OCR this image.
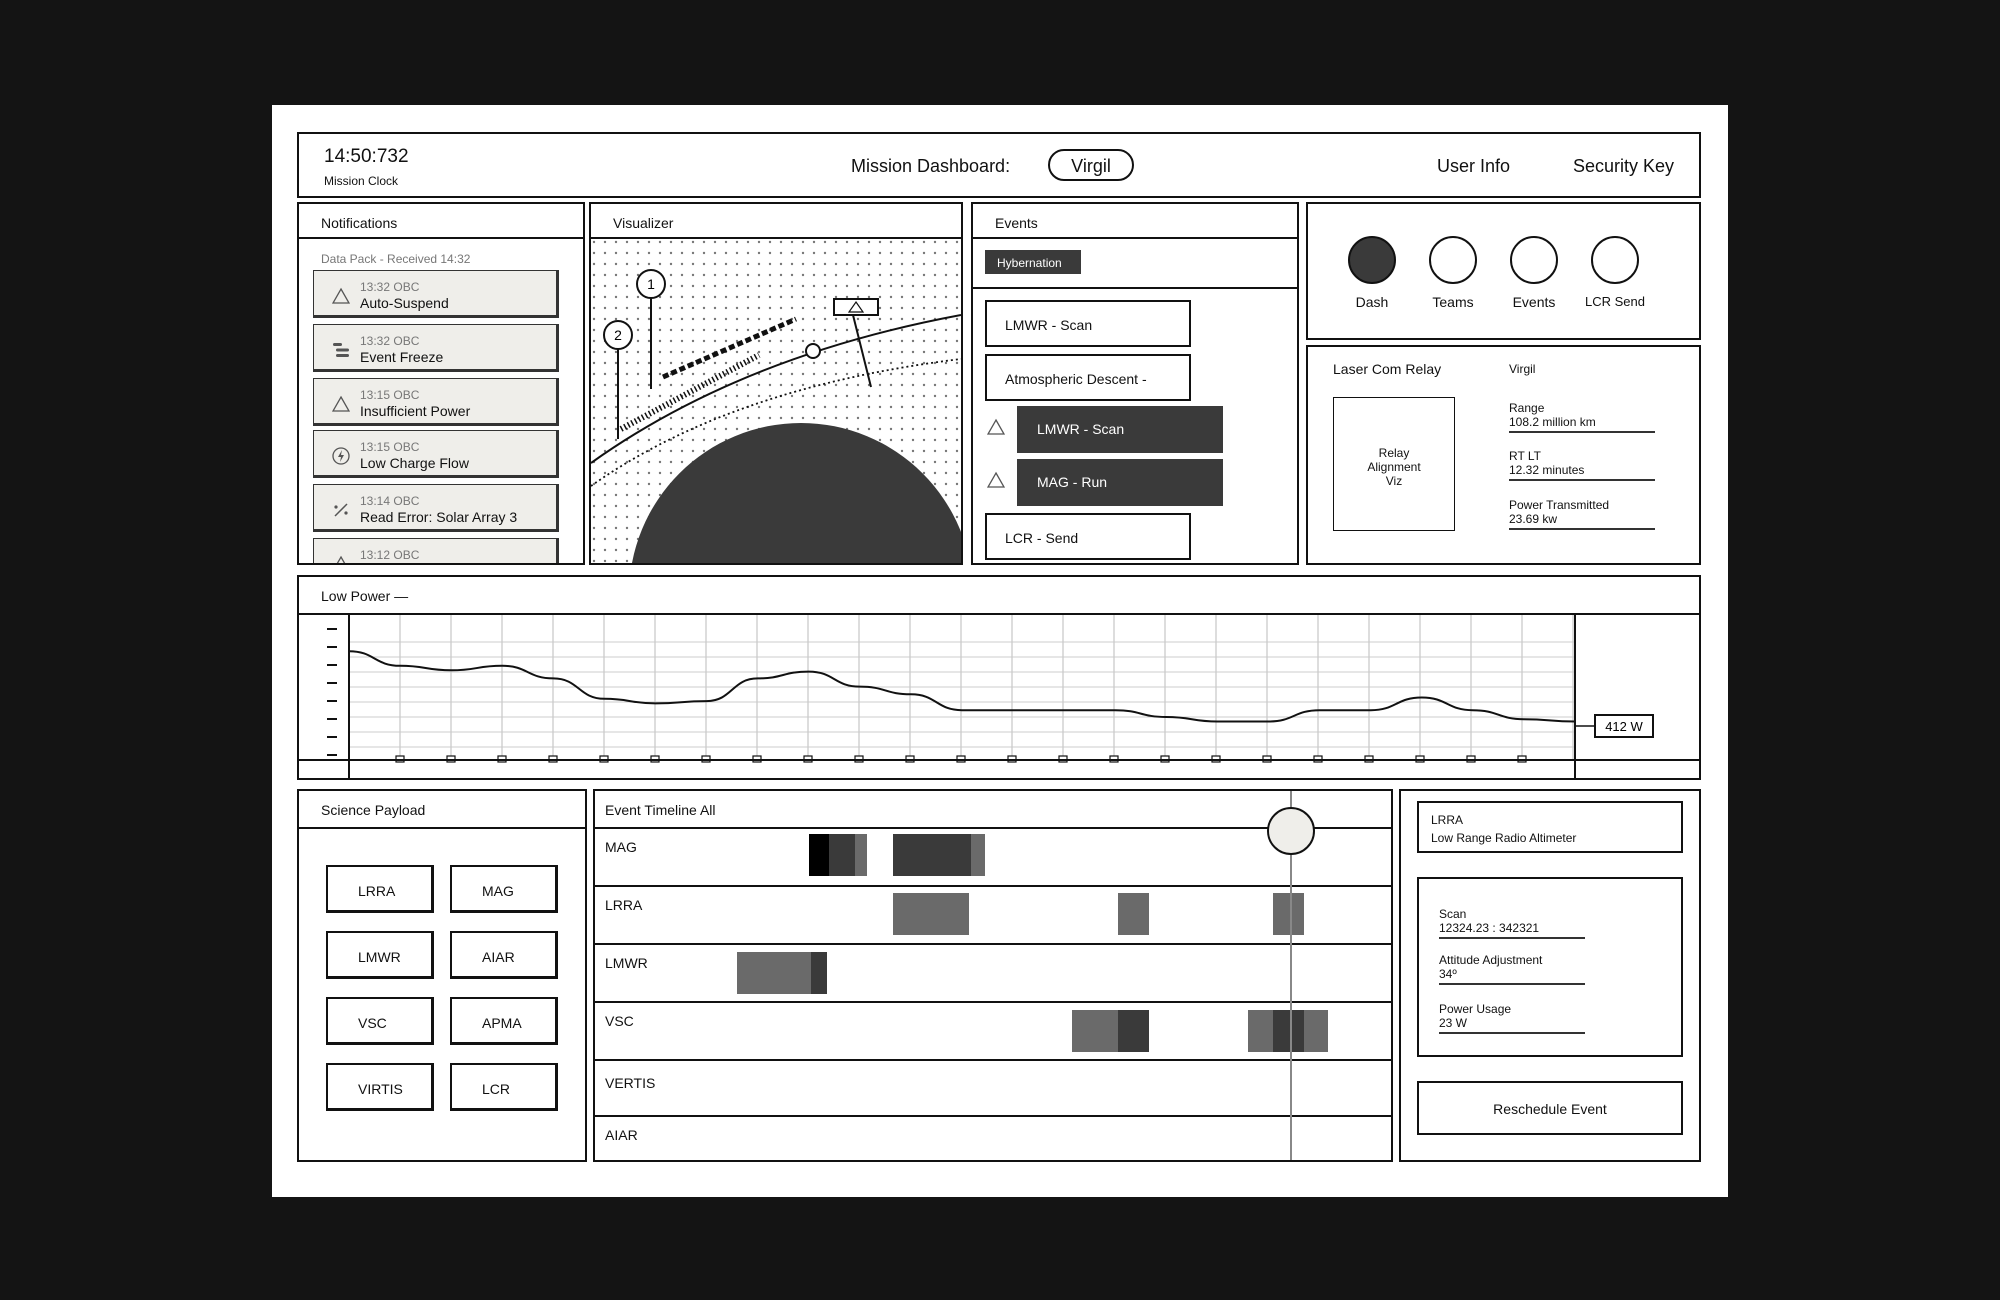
14:50:732
Mission Clock
Mission Dashboard:	Virgil	User Info	Security Key
Notifications
Data Pack - Received 14:32
13:32 OBC
Auto-Suspend
13:32 OBC
Event Freeze
13:15 OBC
Insufficient Power
13:15 OBC
Low Charge Flow
13:14 OBC
Read Error: Solar Array 3
13:12 OBC
Visualizer
1
2
Events
Hybernation
LMWR - Scan
Atmospheric Descent -
LMWR - Scan
MAG - Run
LCR - Send
Dash	Teams	Events	LCR Send
Laser Com Relay	Virgil
Relay
Alignment
Viz
Range
108.2 million km
RT LT
12.32 minutes
Power Transmitted
23.69 kw
Low Power —
412 W
Science Payload
LRRA	MAG
LMWR	AIAR
VSC	APMA
VIRTIS	LCR
Event Timeline All
MAG
LRRA
LMWR
VSC
VERTIS
AIAR
LRRA
Low Range Radio Altimeter
Scan
12324.23 : 342321
Attitude Adjustment
34º
Power Usage
23 W
Reschedule Event
